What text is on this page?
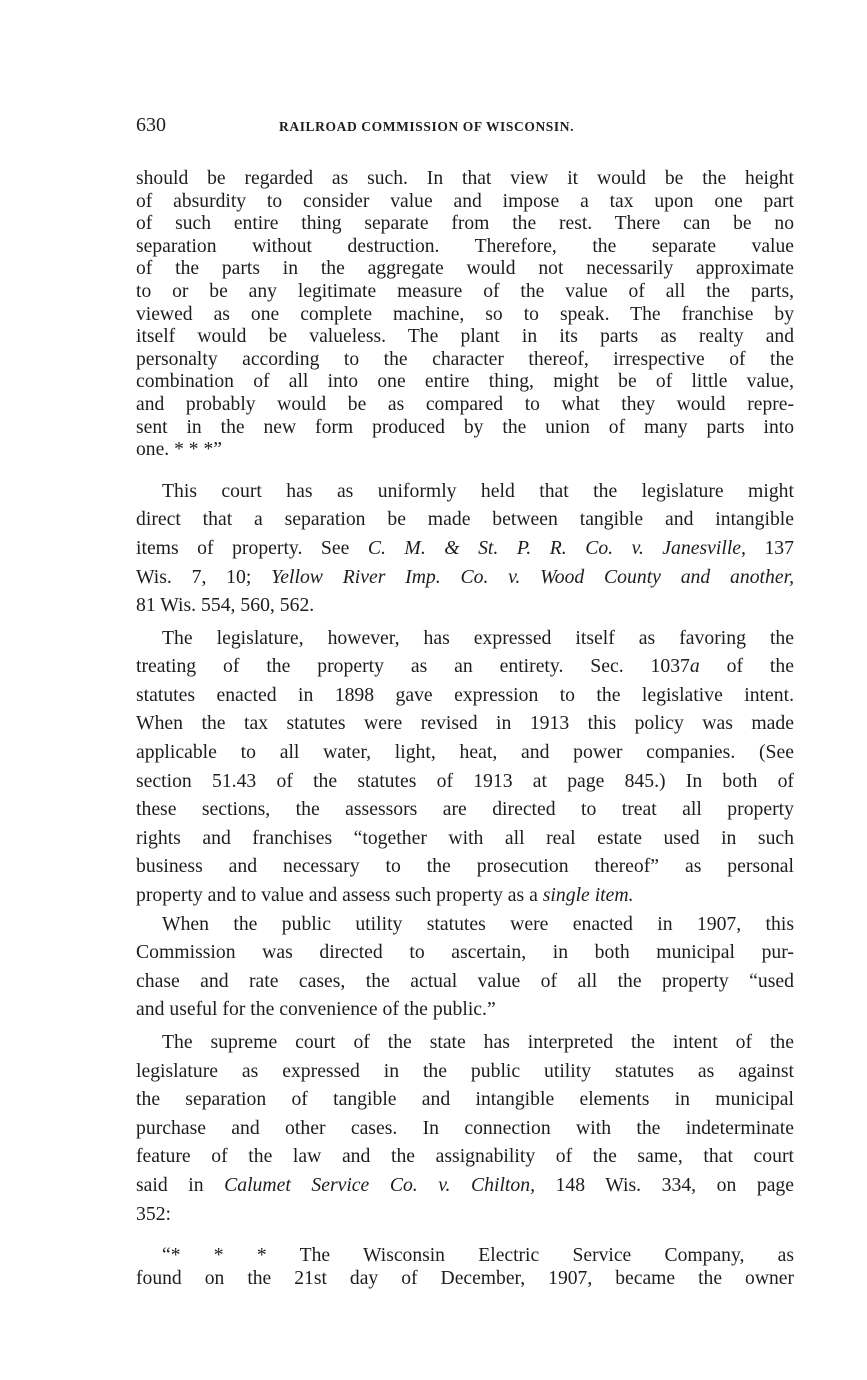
630	RAILROAD COMMISSION OF WISCONSIN.
should be regarded as such. In that view it would be the height
of absurdity to consider value and impose a tax upon one part
of such entire thing separate from the rest. There can be no
separation without destruction. Therefore, the separate value
of the parts in the aggregate would not necessarily approximate
to or be any legitimate measure of the value of all the parts,
viewed as one complete machine, so to speak. The franchise by
itself would be valueless. The plant in its parts as realty and
personalty according to the character thereof, irrespective of the
combination of all into one entire thing, might be of little value,
and probably would be as compared to what they would repre-
sent in the new form produced by the union of many parts into
one. * * *”
This court has as uniformly held that the legislature might
direct that a separation be made between tangible and intangible
items of property. See C. M. & St. P. R. Co. v. Janesville, 137
Wis. 7, 10; Yellow River Imp. Co. v. Wood County and another,
81 Wis. 554, 560, 562.
The legislature, however, has expressed itself as favoring the
treating of the property as an entirety. Sec. 1037a of the
statutes enacted in 1898 gave expression to the legislative intent.
When the tax statutes were revised in 1913 this policy was made
applicable to all water, light, heat, and power companies. (See
section 51.43 of the statutes of 1913 at page 845.) In both of
these sections, the assessors are directed to treat all property
rights and franchises “together with all real estate used in such
business and necessary to the prosecution thereof” as personal
property and to value and assess such property as a single item.
When the public utility statutes were enacted in 1907, this
Commission was directed to ascertain, in both municipal pur-
chase and rate cases, the actual value of all the property “used
and useful for the convenience of the public.”
The supreme court of the state has interpreted the intent of the
legislature as expressed in the public utility statutes as against
the separation of tangible and intangible elements in municipal
purchase and other cases. In connection with the indeterminate
feature of the law and the assignability of the same, that court
said in Calumet Service Co. v. Chilton, 148 Wis. 334, on page
352:
“* * * The Wisconsin Electric Service Company, as
found on the 21st day of December, 1907, became the owner
